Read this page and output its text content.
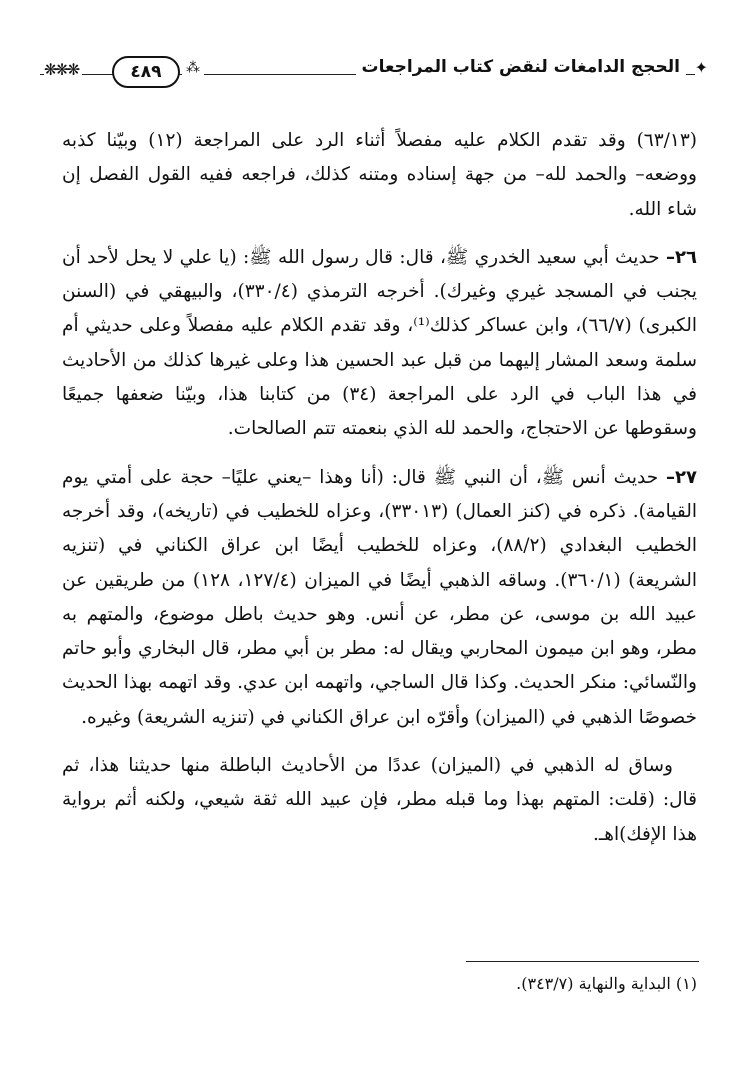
❋❋❋	٤٨٩	⁂	الحجج الدامغات لنقض كتاب المراجعات ✦

(٦٣/١٣) وقد تقدم الكلام عليه مفصلاً أثناء الرد على المراجعة (١٢) وبيّنا كذبه ووضعه– والحمد لله– من جهة إسناده ومتنه كذلك، فراجعه ففيه القول الفصل إن شاء الله.

٢٦– حديث أبي سعيد الخدري ﷺ، قال: قال رسول الله ﷺ: (يا علي لا يحل لأحد أن يجنب في المسجد غيري وغيرك). أخرجه الترمذي (٣٣٠/٤)، والبيهقي في (السنن الكبرى) (٦٦/٧)، وابن عساكر كذلك⁽¹⁾، وقد تقدم الكلام عليه مفصلاً وعلى حديثي أم سلمة وسعد المشار إليهما من قبل عبد الحسين هذا وعلى غيرها كذلك من الأحاديث في هذا الباب في الرد على المراجعة (٣٤) من كتابنا هذا، وبيّنا ضعفها جميعًا وسقوطها عن الاحتجاج، والحمد لله الذي بنعمته تتم الصالحات.

٢٧– حديث أنس ﷺ، أن النبي ﷺ قال: (أنا وهذا –يعني عليًا– حجة على أمتي يوم القيامة). ذكره في (كنز العمال) (٣٣٠١٣)، وعزاه للخطيب في (تاريخه)، وقد أخرجه الخطيب البغدادي (٨٨/٢)، وعزاه للخطيب أيضًا ابن عراق الكناني في (تنزيه الشريعة) (٣٦٠/١). وساقه الذهبي أيضًا في الميزان (١٢٧/٤، ١٢٨) من طريقين عن عبيد الله بن موسى، عن مطر، عن أنس. وهو حديث باطل موضوع، والمتهم به مطر، وهو ابن ميمون المحاربي ويقال له: مطر بن أبي مطر، قال البخاري وأبو حاتم والنّسائي: منكر الحديث. وكذا قال الساجي، واتهمه ابن عدي. وقد اتهمه بهذا الحديث خصوصًا الذهبي في (الميزان) وأقرّه ابن عراق الكناني في (تنزيه الشريعة) وغيره.

وساق له الذهبي في (الميزان) عددًا من الأحاديث الباطلة منها حديثنا هذا، ثم قال: (قلت: المتهم بهذا وما قبله مطر، فإن عبيد الله ثقة شيعي، ولكنه أثم برواية هذا الإفك)اهـ.

(١) البداية والنهاية (٣٤٣/٧).
